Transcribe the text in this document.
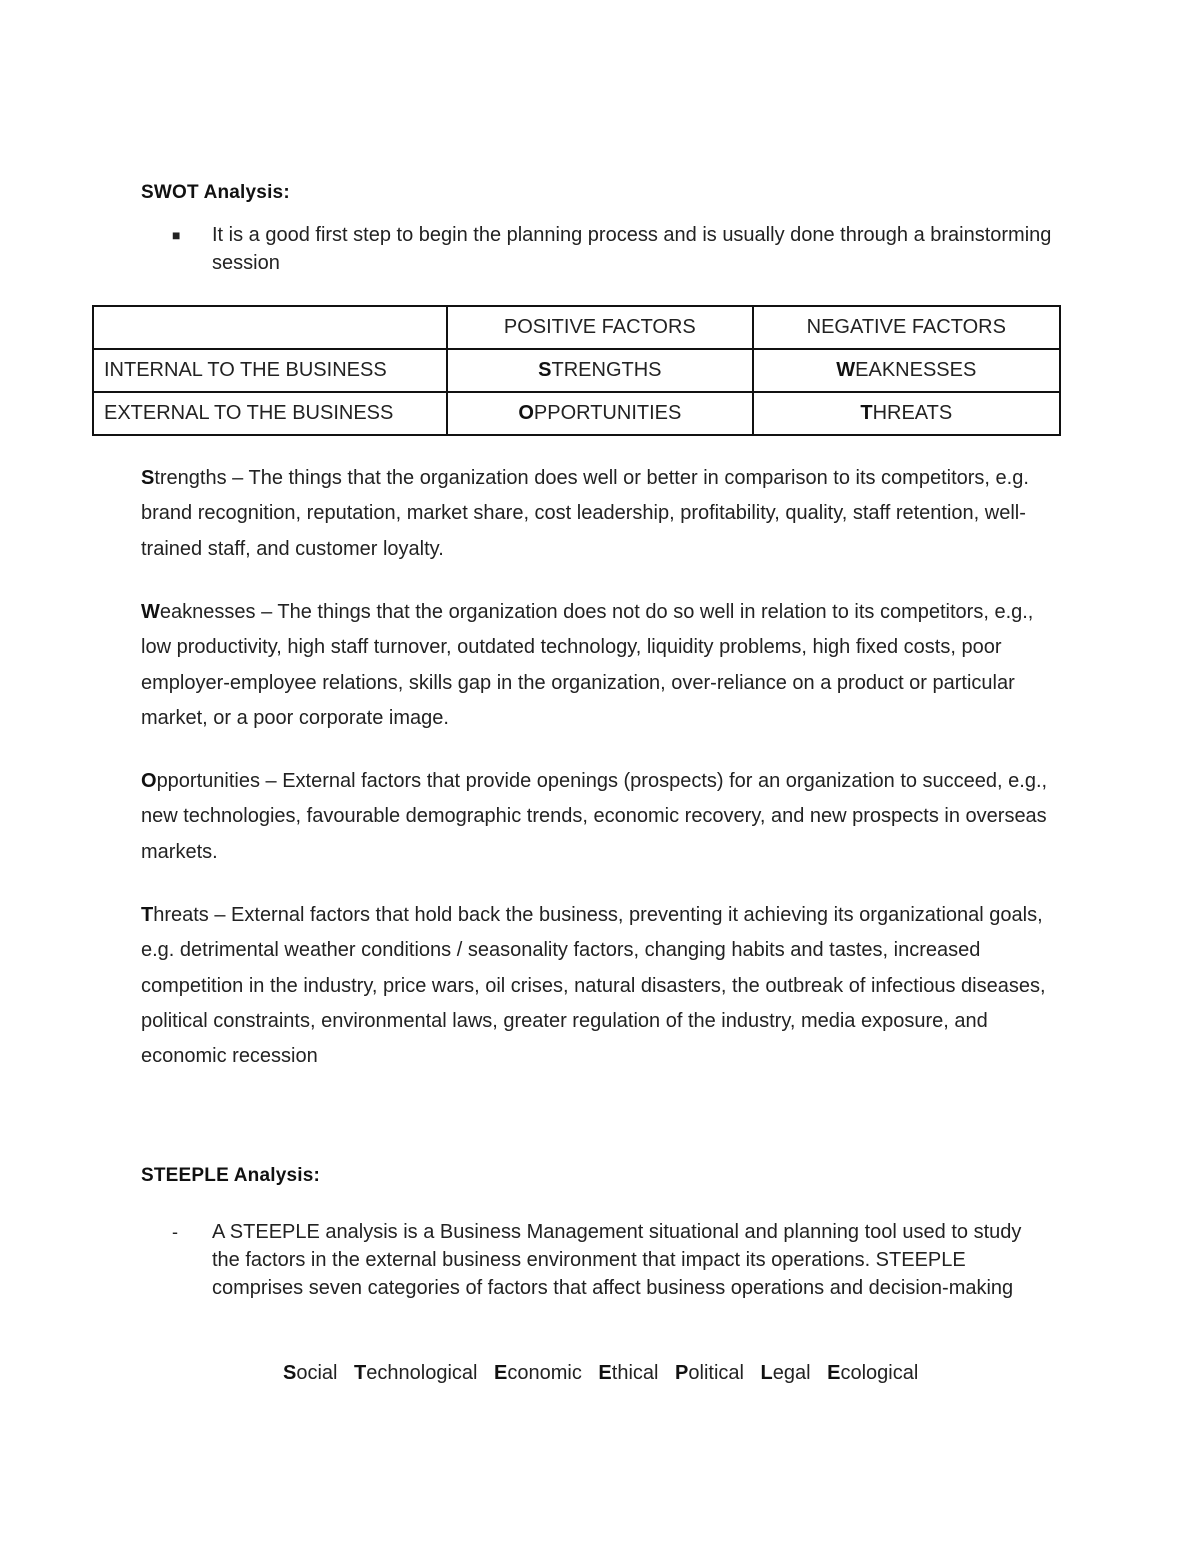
SWOT Analysis:
■	It is a good first step to begin the planning process and is usually done through a brainstorming session
	POSITIVE FACTORS	NEGATIVE FACTORS
INTERNAL TO THE BUSINESS	STRENGTHS	WEAKNESSES
EXTERNAL TO THE BUSINESS	OPPORTUNITIES	THREATS
Strengths – The things that the organization does well or better in comparison to its competitors, e.g. brand recognition, reputation, market share, cost leadership, profitability, quality, staff retention, well-trained staff, and customer loyalty.
Weaknesses – The things that the organization does not do so well in relation to its competitors, e.g., low productivity, high staff turnover, outdated technology, liquidity problems, high fixed costs, poor employer-employee relations, skills gap in the organization, over-reliance on a product or particular market, or a poor corporate image.
Opportunities – External factors that provide openings (prospects) for an organization to succeed, e.g., new technologies, favourable demographic trends, economic recovery, and new prospects in overseas markets.
Threats – External factors that hold back the business, preventing it achieving its organizational goals, e.g. detrimental weather conditions / seasonality factors, changing habits and tastes, increased competition in the industry, price wars, oil crises, natural disasters, the outbreak of infectious diseases, political constraints, environmental laws, greater regulation of the industry, media exposure, and economic recession
STEEPLE Analysis:
-	A STEEPLE analysis is a Business Management situational and planning tool used to study the factors in the external business environment that impact its operations. STEEPLE comprises seven categories of factors that affect business operations and decision-making
Social Technological Economic Ethical Political Legal Ecological
